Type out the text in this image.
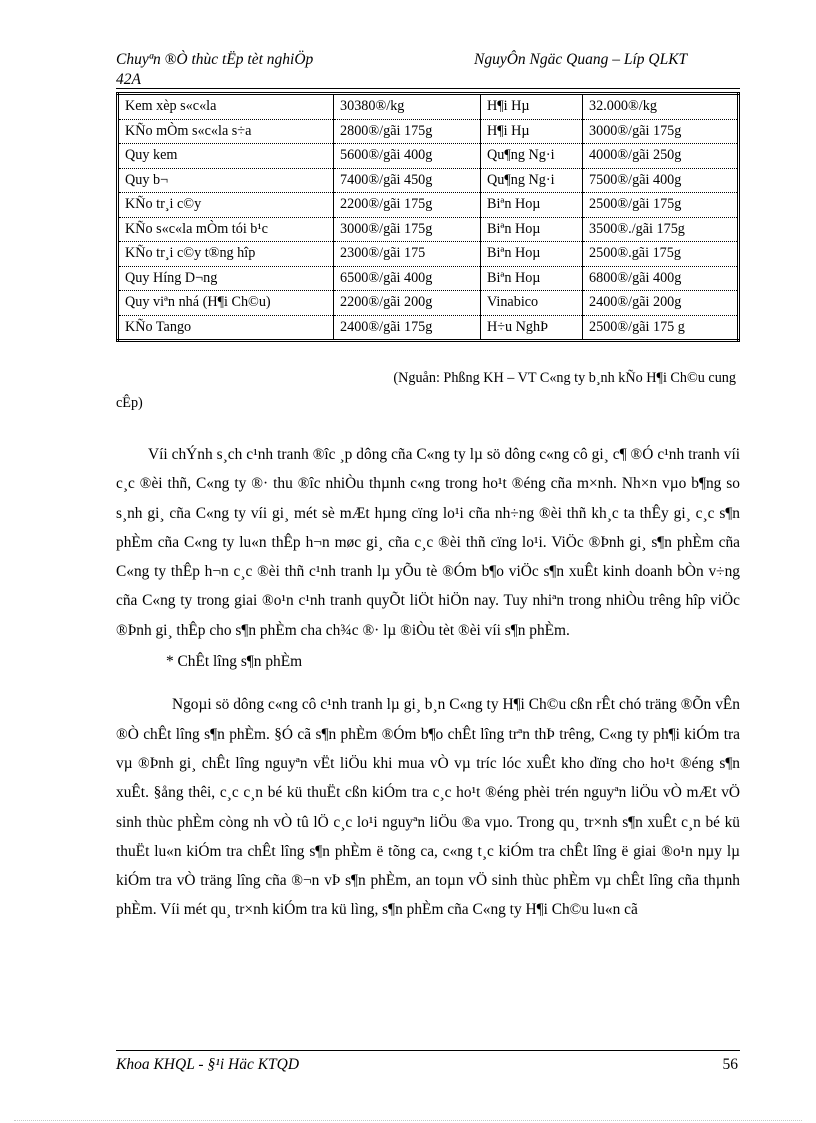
Chuyªn ®Ò thùc tËp tèt nghiÖp
42A
NguyÔn Ngäc Quang – Líp QLKT
Kem xèp s«c«la	30380®/kg	H¶i Hµ	32.000®/kg
KÑo mÒm s«c«la s÷a	2800®/gãi 175g	H¶i Hµ	3000®/gãi 175g
Quy kem	5600®/gãi 400g	Qu¶ng Ng·i	4000®/gãi 250g
Quy b¬	7400®/gãi 450g	Qu¶ng Ng·i	7500®/gãi 400g
KÑo tr¸i c©y	2200®/gãi 175g	Biªn Hoµ	2500®/gãi 175g
KÑo s«c«la mÒm tói b¹c	3000®/gãi 175g	Biªn Hoµ	3500®./gãi 175g
KÑo tr¸i c©y t®ng hîp	2300®/gãi 175	Biªn Hoµ	2500®.gãi 175g
Quy Híng D¬ng	6500®/gãi 400g	Biªn Hoµ	6800®/gãi 400g
Quy viªn nhá (H¶i Ch©u)	2200®/gãi 200g	Vinabico	2400®/gãi 200g
KÑo Tango	2400®/gãi 175g	H÷u NghÞ	2500®/gãi 175 g
(Nguån: Phßng KH – VT C«ng ty b¸nh kÑo H¶i Ch©u cung
cÊp)

Víi chÝnh s¸ch c¹nh tranh ®îc ¸p dông cña C«ng ty lµ sö dông c«ng cô gi¸ c¶ ®Ó c¹nh tranh víi c¸c ®èi thñ, C«ng ty ®· thu ®îc nhiÒu thµnh c«ng trong ho¹t ®éng cña m×nh. Nh×n vµo b¶ng so s¸nh gi¸ cña C«ng ty víi gi¸ mét sè mÆt hµng cïng lo¹i cña nh÷ng ®èi thñ kh¸c ta thÊy gi¸ c¸c s¶n phÈm cña C«ng ty lu«n thÊp h¬n møc gi¸ cña c¸c ®èi thñ cïng lo¹i. ViÖc ®Þnh gi¸ s¶n phÈm cña C«ng ty thÊp h¬n c¸c ®èi thñ c¹nh tranh lµ yÕu tè ®Óm b¶o viÖc s¶n xuÊt kinh doanh bÒn v÷ng cña C«ng ty trong giai ®o¹n c¹nh tranh quyÕt liÖt hiÖn nay. Tuy nhiªn trong nhiÒu trêng hîp viÖc ®Þnh gi¸ thÊp cho s¶n phÈm cha ch¾c ®· lµ ®iÒu tèt ®èi víi s¶n phÈm.

* ChÊt lîng s¶n phÈm

Ngoµi sö dông c«ng cô c¹nh tranh lµ gi¸ b¸n C«ng ty H¶i Ch©u cßn rÊt chó träng ®Õn vÊn ®Ò chÊt lîng s¶n phÈm. §Ó cã s¶n phÈm ®Óm b¶o chÊt lîng trªn thÞ trêng, C«ng ty ph¶i kiÓm tra vµ ®Þnh gi¸ chÊt lîng nguyªn vËt liÖu khi mua vÒ vµ tríc lóc xuÊt kho dïng cho ho¹t ®éng s¶n xuÊt. §ång thêi, c¸c c¸n bé kü thuËt cßn kiÓm tra c¸c ho¹t ®éng phèi trén nguyªn liÖu vÒ mÆt vÖ sinh thùc phÈm còng nh vÒ tû lÖ c¸c lo¹i nguyªn liÖu ®a vµo. Trong qu¸ tr×nh s¶n xuÊt c¸n bé kü thuËt lu«n kiÓm tra chÊt lîng s¶n phÈm ë tõng ca, c«ng t¸c kiÓm tra chÊt lîng ë giai ®o¹n nµy lµ kiÓm tra vÒ träng lîng cña ®¬n vÞ s¶n phÈm, an toµn vÖ sinh thùc phÈm vµ chÊt lîng cña thµnh phÈm. Víi mét qu¸ tr×nh kiÓm tra kü lìng, s¶n phÈm cña C«ng ty H¶i Ch©u lu«n cã

Khoa KHQL - §¹i Häc KTQD	56
